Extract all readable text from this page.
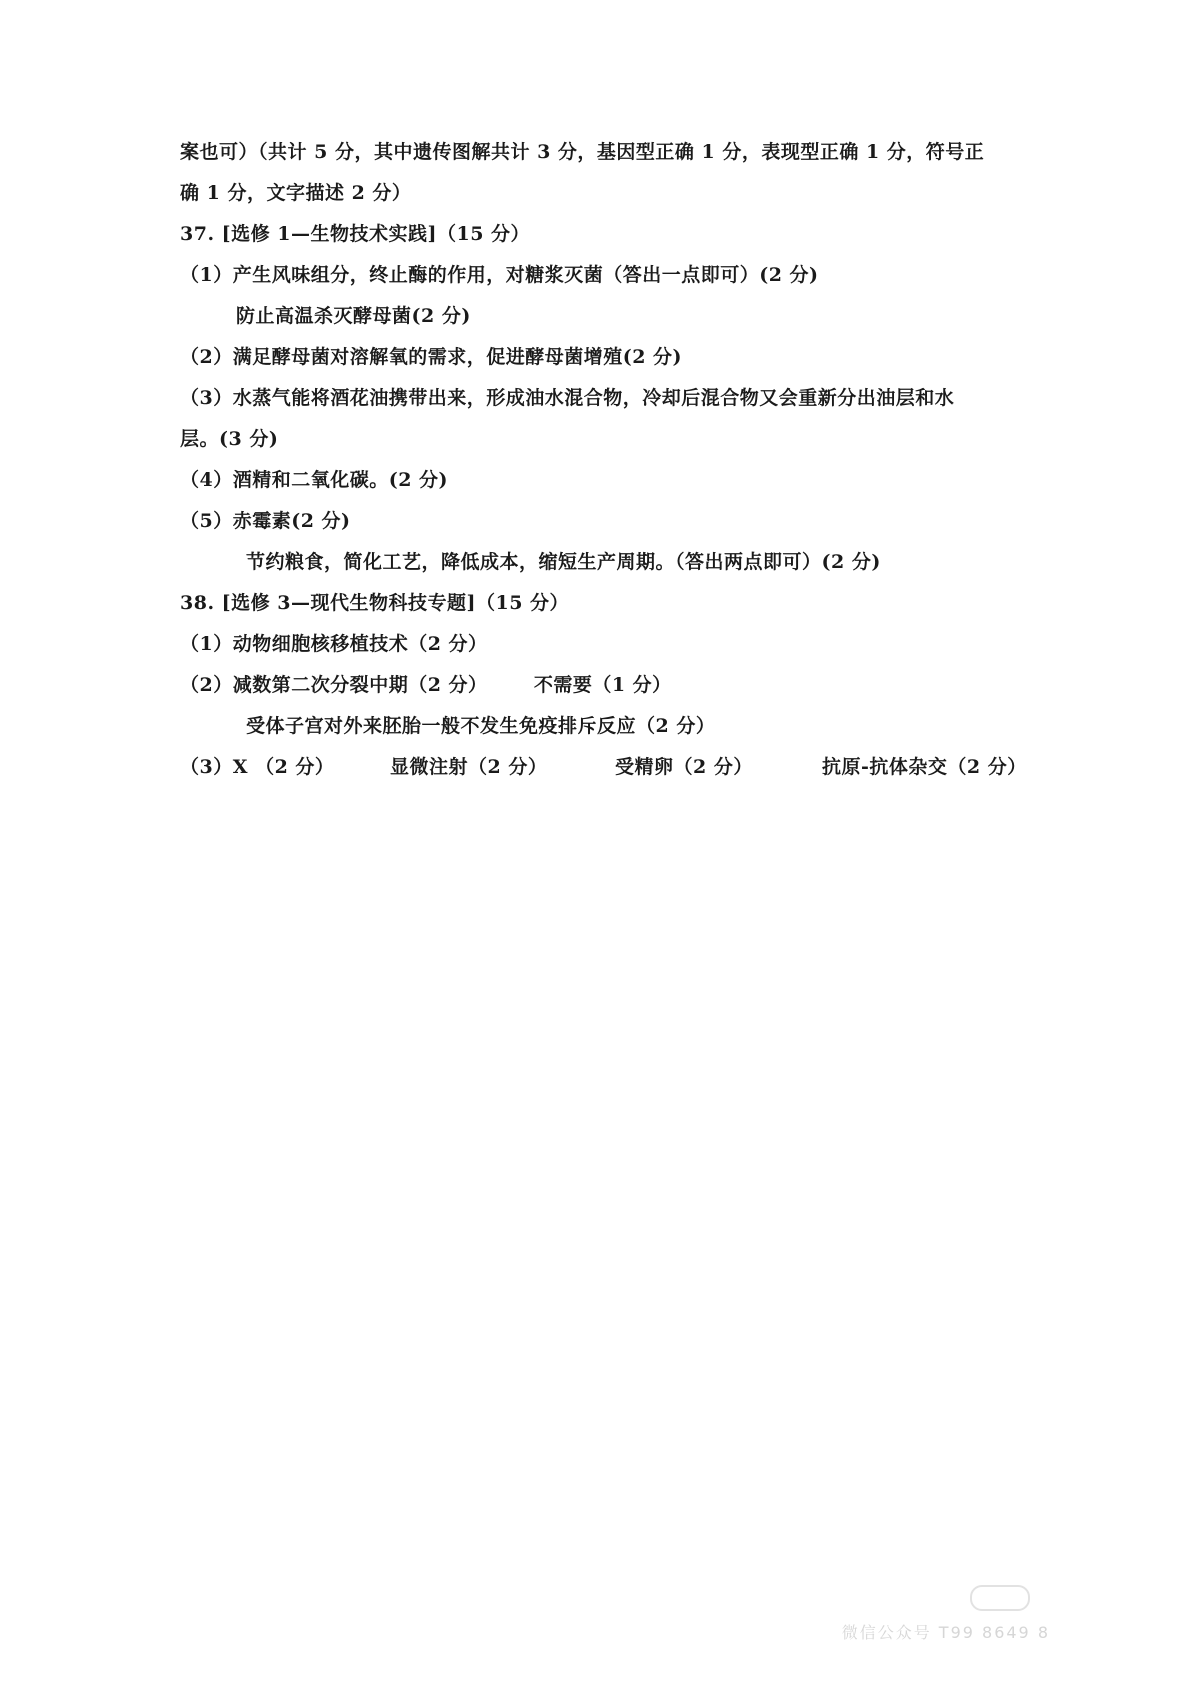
案也可）（共计 5 分，其中遗传图解共计 3 分，基因型正确 1 分，表现型正确 1 分，符号正
确 1 分，文字描述 2 分）
37. [选修 1—生物技术实践]（15 分）
（1）产生风味组分，终止酶的作用，对糖浆灭菌（答出一点即可）(2 分)
防止高温杀灭酵母菌(2 分)
（2）满足酵母菌对溶解氧的需求，促进酵母菌增殖(2 分)
（3）水蒸气能将酒花油携带出来，形成油水混合物，冷却后混合物又会重新分出油层和水
层。(3 分)
（4）酒精和二氧化碳。(2 分)
（5）赤霉素(2 分)
节约粮食，简化工艺，降低成本，缩短生产周期。（答出两点即可）(2 分)
38. [选修 3—现代生物科技专题]（15 分）
（1）动物细胞核移植技术（2 分）
（2）减数第二次分裂中期（2 分） 不需要（1 分）
受体子宫对外来胚胎一般不发生免疫排斥反应（2 分）
（3）X （2 分）	显微注射（2 分）	受精卵（2 分）	抗原-抗体杂交（2 分）
微信公众号 T99 8649 8
